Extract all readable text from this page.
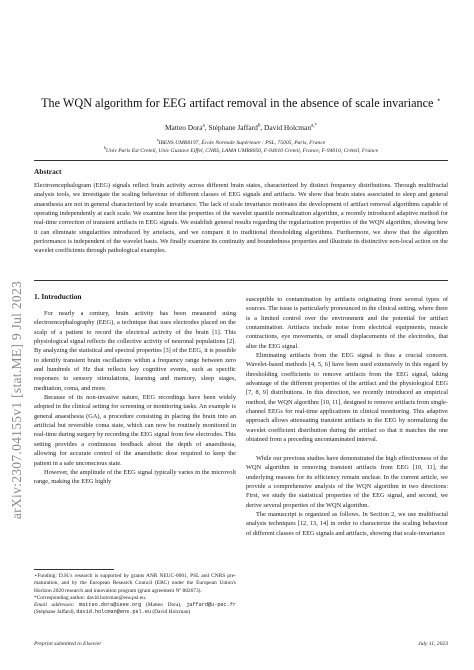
arXiv:2307.04155v1 [stat.ME] 9 Jul 2023
The WQN algorithm for EEG artifact removal in the absence of scale invariance ⋆
Matteo Dora$^a$, Stéphane Jaffard$^b$, David Holcman$^{a,*}$
$^a$IBENS UMR8197, École Normale Supérieure : PSL, 75005, Paris, France
$^b$Univ Paris Est Creteil, Univ Gustave Eiffel, CNRS, LAMA UMR8050, F-94010 Creteil, France, F-94010, Créteil, France
Abstract
Electroencephalogram (EEG) signals reflect brain activity across different brain states, characterized by distinct frequency distributions. Through multifractal analysis tools, we investigate the scaling behaviour of different classes of EEG signals and artifacts. We show that brain states associated to sleep and general anaesthesia are not in general characterized by scale invariance. The lack of scale invariance motivates the development of artifact removal algorithms capable of operating independently at each scale. We examine here the properties of the wavelet quantile normalization algorithm, a recently introduced adaptive method for real-time correction of transient artifacts in EEG signals. We establish general results regarding the regularization properties of the WQN algorithm, showing how it can eliminate singularities introduced by artefacts, and we compare it to traditional thresholding algorithms. Furthermore, we show that the algorithm performance is independent of the wavelet basis. We finally examine its continuity and boundedness properties and illustrate its distinctive non-local action on the wavelet coefficients through pathological examples.
1. Introduction

For nearly a century, brain activity has been measured using electroencephalography (EEG), a technique that uses electrodes placed on the scalp of a patient to record the electrical activity of the brain [1]. This physiological signal reflects the collective activity of neuronal populations [2]. By analyzing the statistical and spectral properties [3] of the EEG, it is possible to identify transient brain oscillations within a frequency range between zero and hundreds of Hz that reflects key cognitive events, such as specific responses to sensory stimulations, learning and memory, sleep stages, meditation, coma, and more.

Because of its non-invasive nature, EEG recordings have been widely adopted in the clinical setting for screening or monitoring tasks. An example is general anaesthesia (GA), a procedure consisting in placing the brain into an artificial but reversible coma state, which can now be routinely monitored in real-time during surgery by recording the EEG signal from few electrodes. This setting provides a continuous feedback about the depth of anaesthesia, allowing for accurate control of the anaesthetic dose required to keep the patient in a safe unconscious state.

However, the amplitude of the EEG signal typically varies in the microvolt range, making the EEG highly

susceptible to contamination by artifacts originating from several types of sources. The issue is particularly pronounced in the clinical setting, where there is a limited control over the environment and the potential for artifact contamination. Artifacts include noise from electrical equipments, muscle contractions, eye movements, or small displacements of the electrodes, that alter the EEG signal.

Eliminating artifacts from the EEG signal is thus a crucial concern. Wavelet-based methods [4, 5, 6] have been used extensively in this regard by thresholding coefficients to remove artifacts from the EEG signal, taking advantage of the different properties of the artifact and the physiological EEG [7, 8, 9] distributions. In this direction, we recently introduced an empirical method, the WQN algorithm [10, 11], designed to remove artifacts from single-channel EEGs for real-time applications in clinical monitoring. This adaptive approach allows attenuating transient artifacts in the EEG by normalizing the wavelet coefficient distribution during the artifact so that it matches the one obtained from a preceding uncontaminated interval.

While our previous studies have demonstrated the high effectiveness of the WQN algorithm in removing transient artifacts from EEG [10, 11], the underlying reasons for its efficiency remain unclear. In the current article, we provide a comprehensive analysis of the WQN algorithm in two directions: First, we study the statistical properties of the EEG signal, and second, we derive several properties of the WQN algorithm.

The manuscript is organized as follows. In Section 2, we use multifractal analysis techniques [12, 13, 14] in order to characterize the scaling behaviour of different classes of EEG signals and artifacts, showing that scale-invariance

⋆Funding: D.H.'s research is supported by grants ANR NEUC-0001, PSL and CNRS pre-maturation, and by the European Research Council (ERC) under the European Union's Horizon 2020 research and innovation program (grant agreement Nº 882673).

*Corresponding author: david.holcman@ens.psl.eu.

Email addresses: matteo.dora@ieee.org (Matteo Dora), jaffard@u-pec.fr (Stéphane Jaffard), david.holcman@ens.psl.eu (David Holcman)

Preprint submitted to Elsevier	July 11, 2023
